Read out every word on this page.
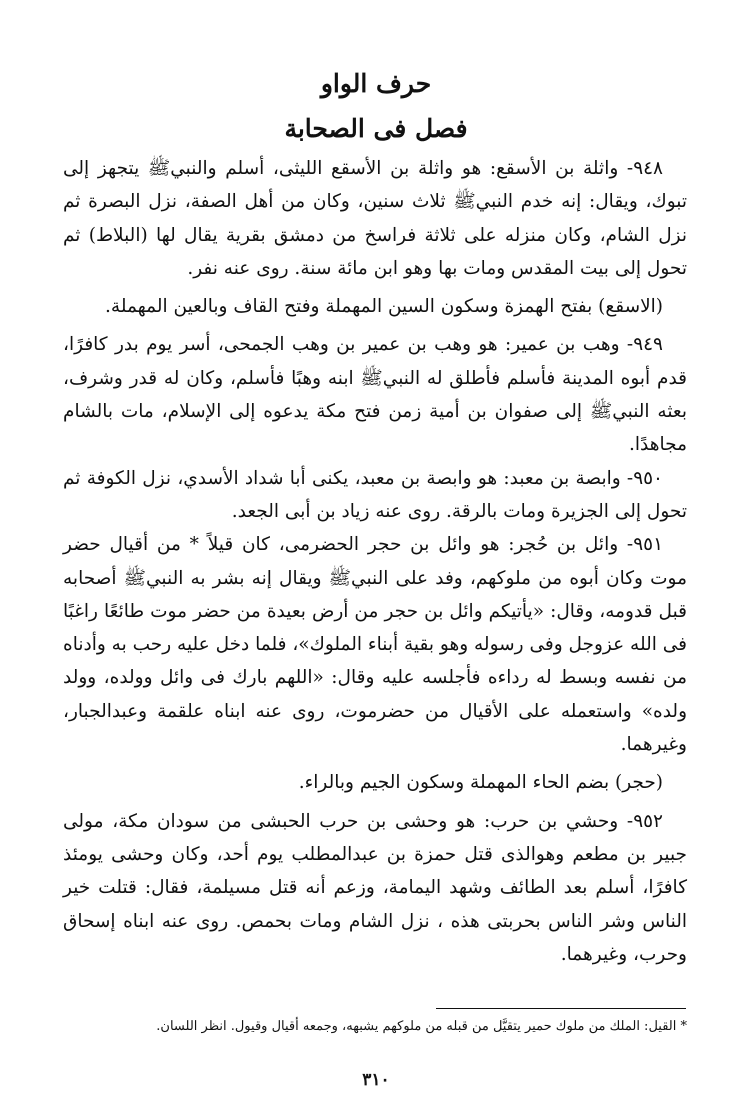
حرف الواو
فصل فى الصحابة

٩٤٨- واثلة بن الأسقع: هو واثلة بن الأسقع الليثى، أسلم والنبيﷺ يتجهز إلى تبوك، ويقال: إنه خدم النبيﷺ ثلاث سنين، وكان من أهل الصفة، نزل البصرة ثم نزل الشام، وكان منزله على ثلاثة فراسخ من دمشق بقرية يقال لها (البلاط) ثم تحول إلى بيت المقدس ومات بها وهو ابن مائة سنة. روى عنه نفر.

(الاسقع) بفتح الهمزة وسكون السين المهملة وفتح القاف وبالعين المهملة.

٩٤٩- وهب بن عمير: هو وهب بن عمير بن وهب الجمحى، أسر يوم بدر كافرًا، قدم أبوه المدينة فأسلم فأطلق له النبيﷺ ابنه وهبًا فأسلم، وكان له قدر وشرف، بعثه النبيﷺ إلى صفوان بن أمية زمن فتح مكة يدعوه إلى الإسلام، مات بالشام مجاهدًا.

٩٥٠- وابصة بن معبد: هو وابصة بن معبد، يكنى أبا شداد الأسدي، نزل الكوفة ثم تحول إلى الجزيرة ومات بالرقة. روى عنه زياد بن أبى الجعد.

٩٥١- وائل بن حُجر: هو وائل بن حجر الحضرمى، كان قيلاً * من أقيال حضر موت وكان أبوه من ملوكهم، وفد على النبيﷺ ويقال إنه بشر به النبيﷺ أصحابه قبل قدومه، وقال: «يأتيكم وائل بن حجر من أرض بعيدة من حضر موت طائعًا راغبًا فى الله عزوجل وفى رسوله وهو بقية أبناء الملوك»، فلما دخل عليه رحب به وأدناه من نفسه وبسط له رداءه فأجلسه عليه وقال: «اللهم بارك فى وائل وولده، وولد ولده» واستعمله على الأقيال من حضرموت، روى عنه ابناه علقمة وعبدالجبار، وغيرهما.

(حجر) بضم الحاء المهملة وسكون الجيم وبالراء.

٩٥٢- وحشي بن حرب: هو وحشى بن حرب الحبشى من سودان مكة، مولى جبير بن مطعم وهوالذى قتل حمزة بن عبدالمطلب يوم أحد، وكان وحشى يومئذ كافرًا، أسلم بعد الطائف وشهد اليمامة، وزعم أنه قتل مسيلمة، فقال: قتلت خير الناس وشر الناس بحربتى هذه ، نزل الشام ومات بحمص. روى عنه ابناه إسحاق وحرب، وغيرهما.

* القيل: الملك من ملوك حمير يتقيَّل من قبله من ملوكهم يشبهه، وجمعه أقيال وقيول. انظر اللسان.
٣١٠
